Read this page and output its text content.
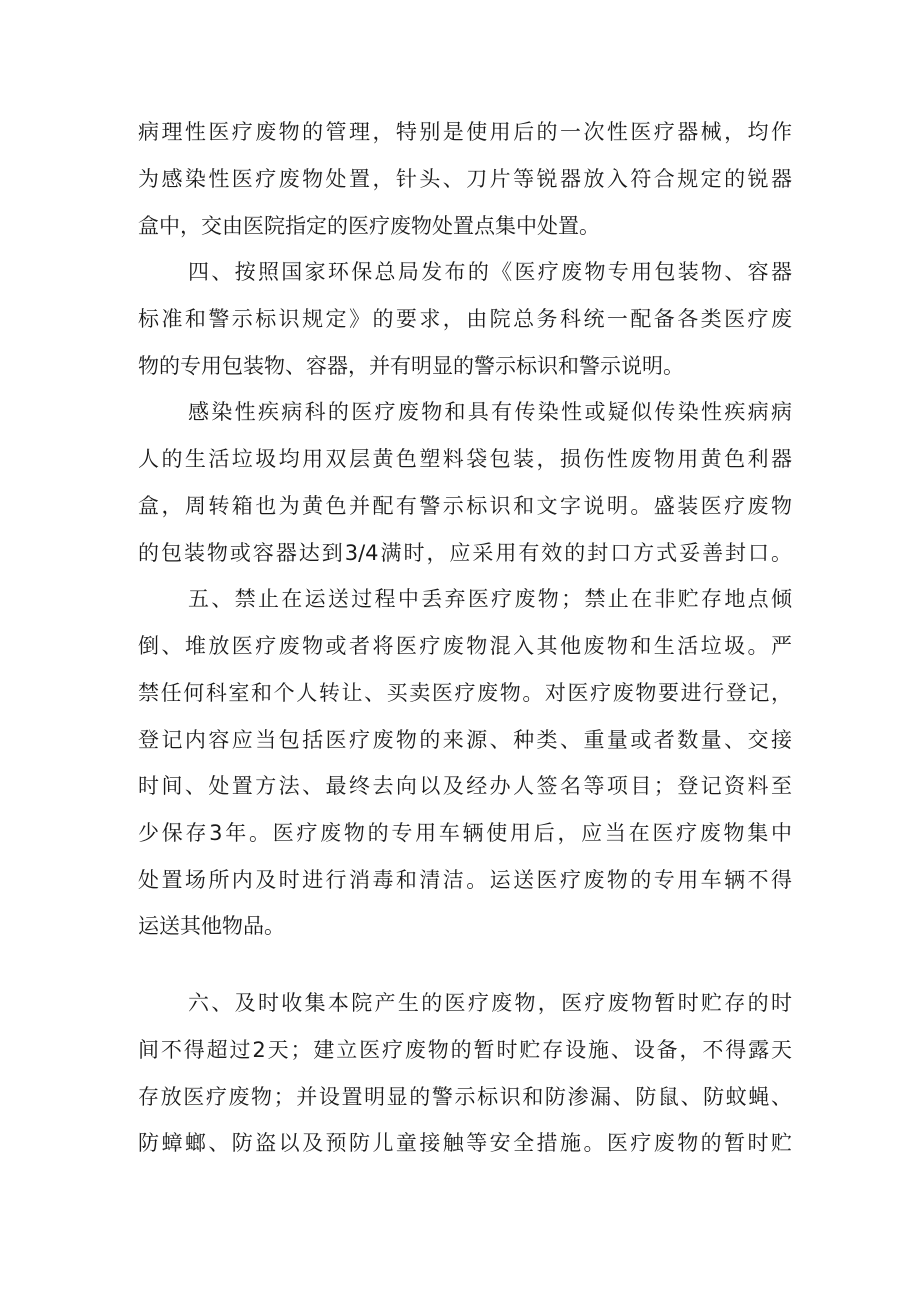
病理性医疗废物的管理，特别是使用后的一次性医疗器械，均作

为感染性医疗废物处置，针头、刀片等锐器放入符合规定的锐器

盒中，交由医院指定的医疗废物处置点集中处置。

四、按照国家环保总局发布的《医疗废物专用包装物、容器

标准和警示标识规定》的要求，由院总务科统一配备各类医疗废

物的专用包装物、容器，并有明显的警示标识和警示说明。

感染性疾病科的医疗废物和具有传染性或疑似传染性疾病病

人的生活垃圾均用双层黄色塑料袋包装，损伤性废物用黄色利器

盒，周转箱也为黄色并配有警示标识和文字说明。盛装医疗废物

的包装物或容器达到3/4满时，应采用有效的封口方式妥善封口。

五、禁止在运送过程中丢弃医疗废物；禁止在非贮存地点倾

倒、堆放医疗废物或者将医疗废物混入其他废物和生活垃圾。严

禁任何科室和个人转让、买卖医疗废物。对医疗废物要进行登记，

登记内容应当包括医疗废物的来源、种类、重量或者数量、交接

时间、处置方法、最终去向以及经办人签名等项目；登记资料至

少保存3年。医疗废物的专用车辆使用后，应当在医疗废物集中

处置场所内及时进行消毒和清洁。运送医疗废物的专用车辆不得

运送其他物品。

六、及时收集本院产生的医疗废物，医疗废物暂时贮存的时

间不得超过2天；建立医疗废物的暂时贮存设施、设备，不得露天

存放医疗废物；并设置明显的警示标识和防渗漏、防鼠、防蚊蝇、

防蟑螂、防盗以及预防儿童接触等安全措施。医疗废物的暂时贮
